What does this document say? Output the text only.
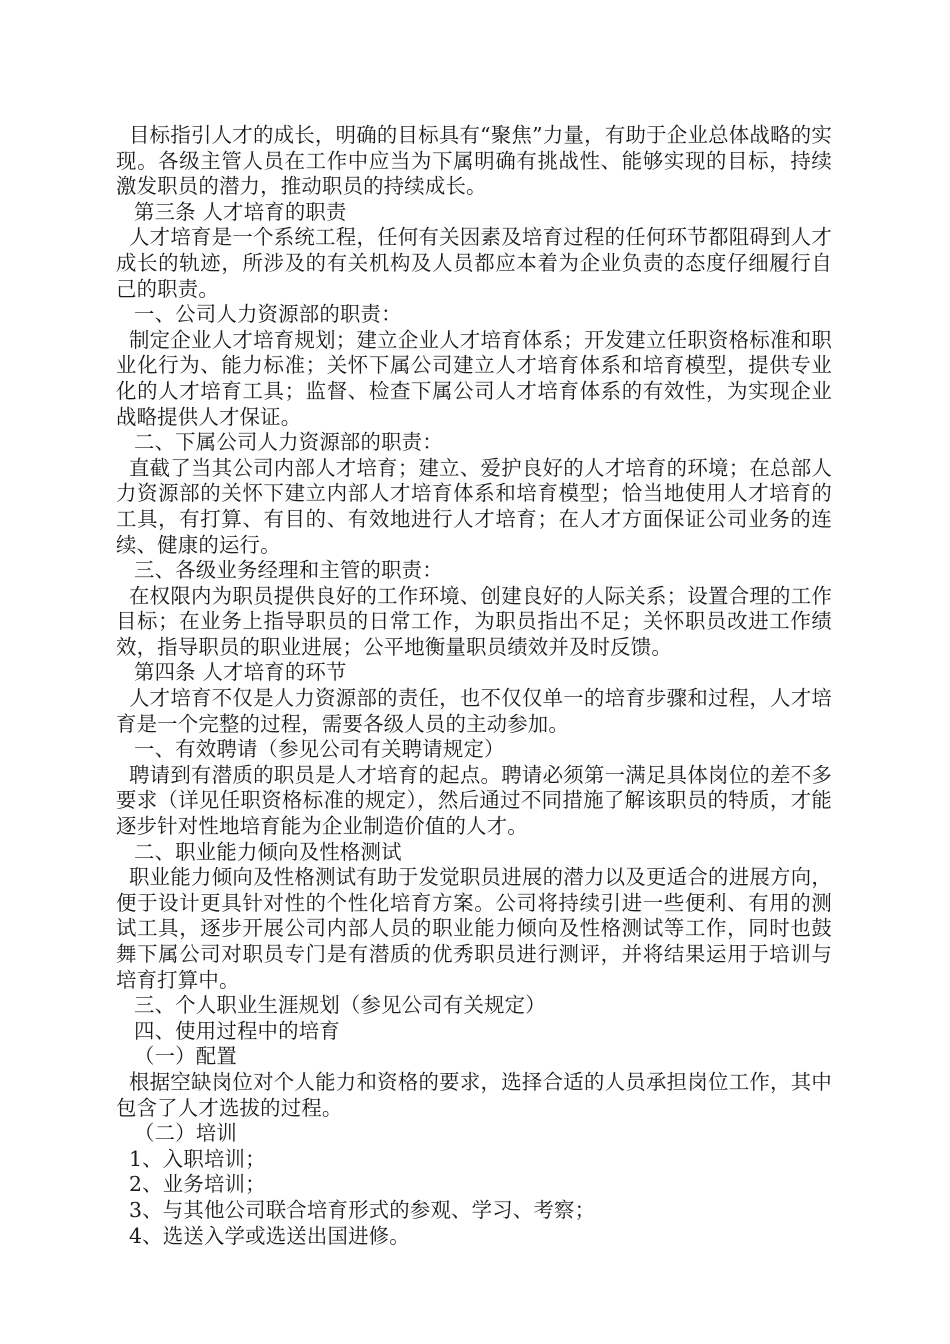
目标指引人才的成长，明确的目标具有“聚焦”力量，有助于企业总体战略的实现。各级主管人员在工作中应当为下属明确有挑战性、能够实现的目标，持续激发职员的潜力，推动职员的持续成长。

第三条 人才培育的职责

人才培育是一个系统工程，任何有关因素及培育过程的任何环节都阻碍到人才成长的轨迹，所涉及的有关机构及人员都应本着为企业负责的态度仔细履行自己的职责。

一、公司人力资源部的职责：

制定企业人才培育规划；建立企业人才培育体系；开发建立任职资格标准和职业化行为、能力标准；关怀下属公司建立人才培育体系和培育模型，提供专业化的人才培育工具；监督、检查下属公司人才培育体系的有效性，为实现企业战略提供人才保证。

二、下属公司人力资源部的职责：

直截了当其公司内部人才培育；建立、爱护良好的人才培育的环境；在总部人力资源部的关怀下建立内部人才培育体系和培育模型；恰当地使用人才培育的工具，有打算、有目的、有效地进行人才培育；在人才方面保证公司业务的连续、健康的运行。

三、各级业务经理和主管的职责：

在权限内为职员提供良好的工作环境、创建良好的人际关系；设置合理的工作目标；在业务上指导职员的日常工作，为职员指出不足；关怀职员改进工作绩效，指导职员的职业进展；公平地衡量职员绩效并及时反馈。

第四条 人才培育的环节

人才培育不仅是人力资源部的责任，也不仅仅单一的培育步骤和过程，人才培育是一个完整的过程，需要各级人员的主动参加。

一、有效聘请（参见公司有关聘请规定）

聘请到有潜质的职员是人才培育的起点。聘请必须第一满足具体岗位的差不多要求（详见任职资格标准的规定），然后通过不同措施了解该职员的特质，才能逐步针对性地培育能为企业制造价值的人才。

二、职业能力倾向及性格测试

职业能力倾向及性格测试有助于发觉职员进展的潜力以及更适合的进展方向，便于设计更具针对性的个性化培育方案。公司将持续引进一些便利、有用的测试工具，逐步开展公司内部人员的职业能力倾向及性格测试等工作，同时也鼓舞下属公司对职员专门是有潜质的优秀职员进行测评，并将结果运用于培训与培育打算中。

三、个人职业生涯规划（参见公司有关规定）

四、使用过程中的培育

（一）配置

根据空缺岗位对个人能力和资格的要求，选择合适的人员承担岗位工作，其中包含了人才选拔的过程。

（二）培训

1、入职培训；

2、业务培训；

3、与其他公司联合培育形式的参观、学习、考察；

4、选送入学或选送出国进修。
